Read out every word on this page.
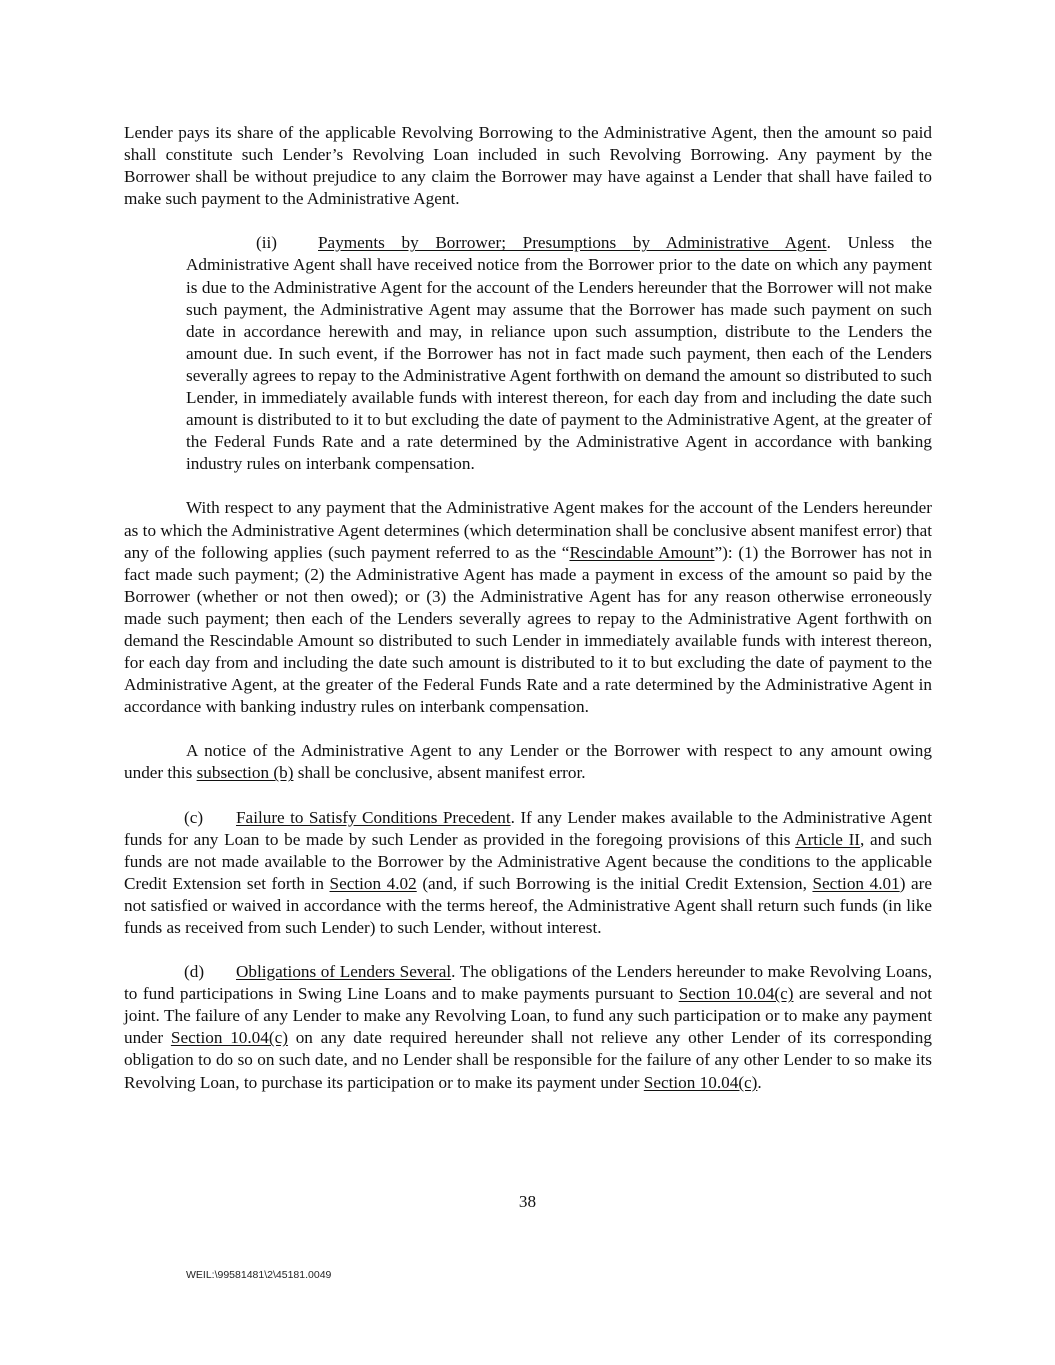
Lender pays its share of the applicable Revolving Borrowing to the Administrative Agent, then the amount so paid shall constitute such Lender’s Revolving Loan included in such Revolving Borrowing. Any payment by the Borrower shall be without prejudice to any claim the Borrower may have against a Lender that shall have failed to make such payment to the Administrative Agent.

(ii) Payments by Borrower; Presumptions by Administrative Agent. Unless the Administrative Agent shall have received notice from the Borrower prior to the date on which any payment is due to the Administrative Agent for the account of the Lenders hereunder that the Borrower will not make such payment, the Administrative Agent may assume that the Borrower has made such payment on such date in accordance herewith and may, in reliance upon such assumption, distribute to the Lenders the amount due. In such event, if the Borrower has not in fact made such payment, then each of the Lenders severally agrees to repay to the Administrative Agent forthwith on demand the amount so distributed to such Lender, in immediately available funds with interest thereon, for each day from and including the date such amount is distributed to it to but excluding the date of payment to the Administrative Agent, at the greater of the Federal Funds Rate and a rate determined by the Administrative Agent in accordance with banking industry rules on interbank compensation.

With respect to any payment that the Administrative Agent makes for the account of the Lenders hereunder as to which the Administrative Agent determines (which determination shall be conclusive absent manifest error) that any of the following applies (such payment referred to as the “Rescindable Amount”): (1) the Borrower has not in fact made such payment; (2) the Administrative Agent has made a payment in excess of the amount so paid by the Borrower (whether or not then owed); or (3) the Administrative Agent has for any reason otherwise erroneously made such payment; then each of the Lenders severally agrees to repay to the Administrative Agent forthwith on demand the Rescindable Amount so distributed to such Lender in immediately available funds with interest thereon, for each day from and including the date such amount is distributed to it to but excluding the date of payment to the Administrative Agent, at the greater of the Federal Funds Rate and a rate determined by the Administrative Agent in accordance with banking industry rules on interbank compensation.

A notice of the Administrative Agent to any Lender or the Borrower with respect to any amount owing under this subsection (b) shall be conclusive, absent manifest error.

(c) Failure to Satisfy Conditions Precedent. If any Lender makes available to the Administrative Agent funds for any Loan to be made by such Lender as provided in the foregoing provisions of this Article II, and such funds are not made available to the Borrower by the Administrative Agent because the conditions to the applicable Credit Extension set forth in Section 4.02 (and, if such Borrowing is the initial Credit Extension, Section 4.01) are not satisfied or waived in accordance with the terms hereof, the Administrative Agent shall return such funds (in like funds as received from such Lender) to such Lender, without interest.

(d) Obligations of Lenders Several. The obligations of the Lenders hereunder to make Revolving Loans, to fund participations in Swing Line Loans and to make payments pursuant to Section 10.04(c) are several and not joint. The failure of any Lender to make any Revolving Loan, to fund any such participation or to make any payment under Section 10.04(c) on any date required hereunder shall not relieve any other Lender of its corresponding obligation to do so on such date, and no Lender shall be responsible for the failure of any other Lender to so make its Revolving Loan, to purchase its participation or to make its payment under Section 10.04(c).

38
WEIL:\99581481\2\45181.0049
